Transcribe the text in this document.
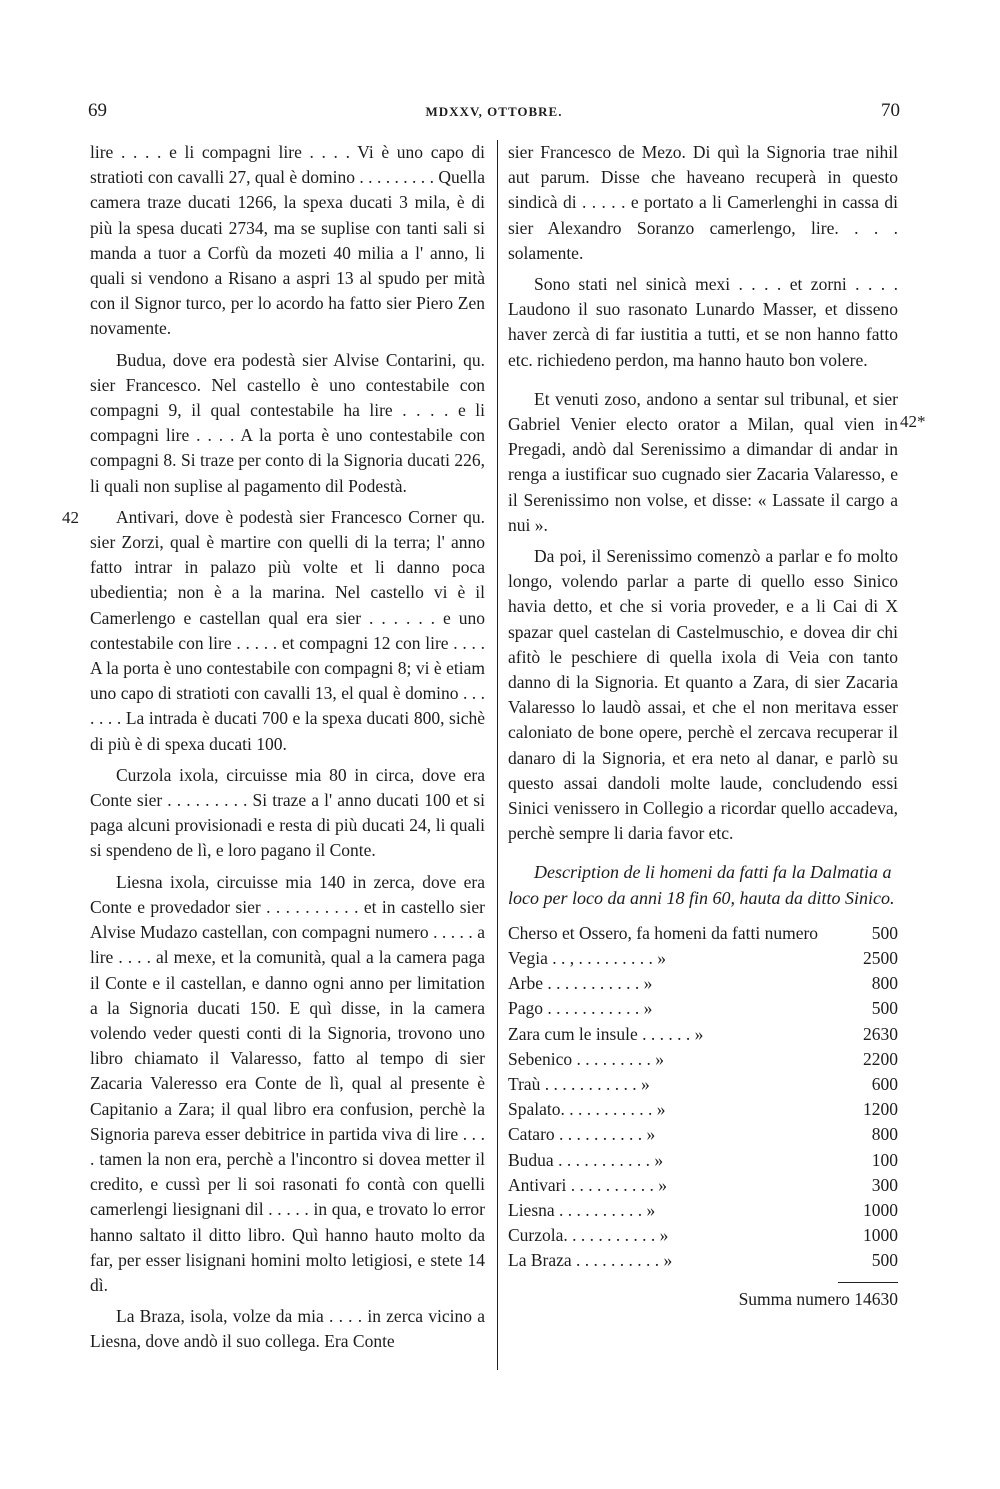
69	MDXXV, OTTOBRE.	70
42
42*

lire . . . . e li compagni lire . . . . Vi è uno capo di stratioti con cavalli 27, qual è domino . . . . . . . . . Quella camera traze ducati 1266, la spexa ducati 3 mila, è di più la spesa ducati 2734, ma se suplise con tanti sali si manda a tuor a Corfù da mozeti 40 milia a l' anno, li quali si vendono a Risano a aspri 13 al spudo per mità con il Signor turco, per lo acordo ha fatto sier Piero Zen novamente.

Budua, dove era podestà sier Alvise Contarini, qu. sier Francesco. Nel castello è uno contestabile con compagni 9, il qual contestabile ha lire . . . . e li compagni lire . . . . A la porta è uno contestabile con compagni 8. Si traze per conto di la Signoria ducati 226, li quali non suplise al pagamento dil Podestà.

Antivari, dove è podestà sier Francesco Corner qu. sier Zorzi, qual è martire con quelli di la terra; l' anno fatto intrar in palazo più volte et li danno poca ubedientia; non è a la marina. Nel castello vi è il Camerlengo e castellan qual era sier . . . . . . e uno contestabile con lire . . . . . et compagni 12 con lire . . . . A la porta è uno contestabile con compagni 8; vi è etiam uno capo di stratioti con cavalli 13, el qual è domino . . . . . . . La intrada è ducati 700 e la spexa ducati 800, sichè di più è di spexa ducati 100.

Curzola ixola, circuisse mia 80 in circa, dove era Conte sier . . . . . . . . . Si traze a l' anno ducati 100 et si paga alcuni provisionadi e resta di più ducati 24, li quali si spendeno de lì, e loro pagano il Conte.

Liesna ixola, circuisse mia 140 in zerca, dove era Conte e provedador sier . . . . . . . . . . et in castello sier Alvise Mudazo castellan, con compagni numero . . . . . a lire . . . . al mexe, et la comunità, qual a la camera paga il Conte e il castellan, e danno ogni anno per limitation a la Signoria ducati 150. E quì disse, in la camera volendo veder questi conti di la Signoria, trovono uno libro chiamato il Valaresso, fatto al tempo di sier Zacaria Valeresso era Conte de lì, qual al presente è Capitanio a Zara; il qual libro era confusion, perchè la Signoria pareva esser debitrice in partida viva di lire . . . . tamen la non era, perchè a l'incontro si dovea metter il credito, e cussì per li soi rasonati fo contà con quelli camerlengi liesignani dil . . . . . in qua, e trovato lo error hanno saltato il ditto libro. Quì hanno hauto molto da far, per esser lisignani homini molto letigiosi, e stete 14 dì.

La Braza, isola, volze da mia . . . . in zerca vicino a Liesna, dove andò il suo collega. Era Conte

sier Francesco de Mezo. Di quì la Signoria trae nihil aut parum. Disse che haveano recuperà in questo sindicà di . . . . . e portato a li Camerlenghi in cassa di sier Alexandro Soranzo camerlengo, lire. . . . solamente.

Sono stati nel sinicà mexi . . . . et zorni . . . . Laudono il suo rasonato Lunardo Masser, et disseno haver zercà di far iustitia a tutti, et se non hanno fatto etc. richiedeno perdon, ma hanno hauto bon volere.

Et venuti zoso, andono a sentar sul tribunal, et sier Gabriel Venier electo orator a Milan, qual vien in Pregadi, andò dal Serenissimo a dimandar di andar in renga a iustificar suo cugnado sier Zacaria Valaresso, e il Serenissimo non volse, et disse: « Lassate il cargo a nui ».

Da poi, il Serenissimo comenzò a parlar e fo molto longo, volendo parlar a parte di quello esso Sinico havia detto, et che si voria proveder, e a li Cai di X spazar quel castelan di Castelmuschio, e dovea dir chi afitò le peschiere di quella ixola di Veia con tanto danno di la Signoria. Et quanto a Zara, di sier Zacaria Valaresso lo laudò assai, et che el non meritava esser caloniato de bone opere, perchè el zercava recuperar il danaro di la Signoria, et era neto al danar, e parlò su questo assai dandoli molte laude, concludendo essi Sinici venissero in Collegio a ricordar quello accadeva, perchè sempre li daria favor etc.

Description de li homeni da fatti fa la Dalmatia a loco per loco da anni 18 fin 60, hauta da ditto Sinico.
Cherso et Ossero, fa homeni da fatti numero	500
Vegia . . , . . . . . . . . . »	2500
Arbe . . . . . . . . . . . »	800
Pago . . . . . . . . . . . »	500
Zara cum le insule . . . . . . »	2630
Sebenico . . . . . . . . . »	2200
Traù . . . . . . . . . . . »	600
Spalato. . . . . . . . . . . »	1200
Cataro . . . . . . . . . . »	800
Budua . . . . . . . . . . . »	100
Antivari . . . . . . . . . . »	300
Liesna . . . . . . . . . . »	1000
Curzola. . . . . . . . . . . »	1000
La Braza . . . . . . . . . . »	500
Summa numero 14630
